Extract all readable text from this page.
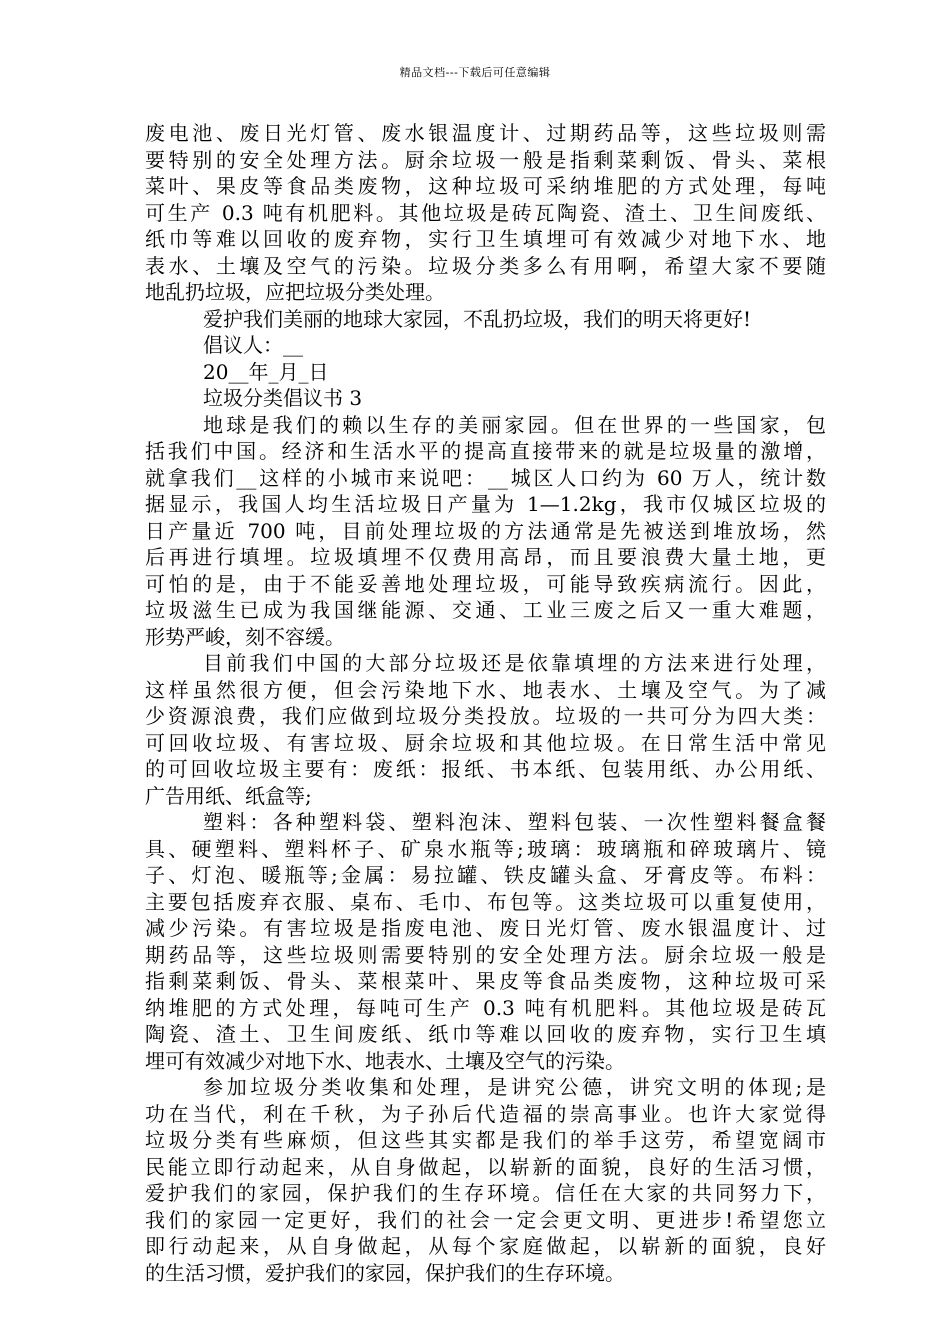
精品文档---下载后可任意编辑
废电池、废日光灯管、废水银温度计、过期药品等，这些垃圾则需
要特别的安全处理方法。厨余垃圾一般是指剩菜剩饭、骨头、菜根
菜叶、果皮等食品类废物，这种垃圾可采纳堆肥的方式处理，每吨
可生产 0.3 吨有机肥料。其他垃圾是砖瓦陶瓷、渣土、卫生间废纸、
纸巾等难以回收的废弃物，实行卫生填埋可有效减少对地下水、地
表水、土壤及空气的污染。垃圾分类多么有用啊，希望大家不要随
地乱扔垃圾，应把垃圾分类处理。
爱护我们美丽的地球大家园，不乱扔垃圾，我们的明天将更好!
倡议人：__
20__年_月_日
垃圾分类倡议书 3
地球是我们的赖以生存的美丽家园。但在世界的一些国家，包
括我们中国。经济和生活水平的提高直接带来的就是垃圾量的激增，
就拿我们__这样的小城市来说吧：__城区人口约为 60 万人，统计数
据显示，我国人均生活垃圾日产量为 1—1.2kg，我市仅城区垃圾的
日产量近 700 吨，目前处理垃圾的方法通常是先被送到堆放场，然
后再进行填埋。垃圾填埋不仅费用高昂，而且要浪费大量土地，更
可怕的是，由于不能妥善地处理垃圾，可能导致疾病流行。因此，
垃圾滋生已成为我国继能源、交通、工业三废之后又一重大难题，
形势严峻，刻不容缓。
目前我们中国的大部分垃圾还是依靠填埋的方法来进行处理，
这样虽然很方便，但会污染地下水、地表水、土壤及空气。为了减
少资源浪费，我们应做到垃圾分类投放。垃圾的一共可分为四大类：
可回收垃圾、有害垃圾、厨余垃圾和其他垃圾。在日常生活中常见
的可回收垃圾主要有：废纸：报纸、书本纸、包装用纸、办公用纸、
广告用纸、纸盒等;
塑料：各种塑料袋、塑料泡沫、塑料包装、一次性塑料餐盒餐
具、硬塑料、塑料杯子、矿泉水瓶等;玻璃：玻璃瓶和碎玻璃片、镜
子、灯泡、暖瓶等;金属：易拉罐、铁皮罐头盒、牙膏皮等。布料：
主要包括废弃衣服、桌布、毛巾、布包等。这类垃圾可以重复使用，
减少污染。有害垃圾是指废电池、废日光灯管、废水银温度计、过
期药品等，这些垃圾则需要特别的安全处理方法。厨余垃圾一般是
指剩菜剩饭、骨头、菜根菜叶、果皮等食品类废物，这种垃圾可采
纳堆肥的方式处理，每吨可生产 0.3 吨有机肥料。其他垃圾是砖瓦
陶瓷、渣土、卫生间废纸、纸巾等难以回收的废弃物，实行卫生填
埋可有效减少对地下水、地表水、土壤及空气的污染。
参加垃圾分类收集和处理，是讲究公德，讲究文明的体现;是
功在当代，利在千秋，为子孙后代造福的崇高事业。也许大家觉得
垃圾分类有些麻烦，但这些其实都是我们的举手这劳，希望宽阔市
民能立即行动起来，从自身做起，以崭新的面貌，良好的生活习惯，
爱护我们的家园，保护我们的生存环境。信任在大家的共同努力下，
我们的家园一定更好，我们的社会一定会更文明、更进步!希望您立
即行动起来，从自身做起，从每个家庭做起，以崭新的面貌，良好
的生活习惯，爱护我们的家园，保护我们的生存环境。
